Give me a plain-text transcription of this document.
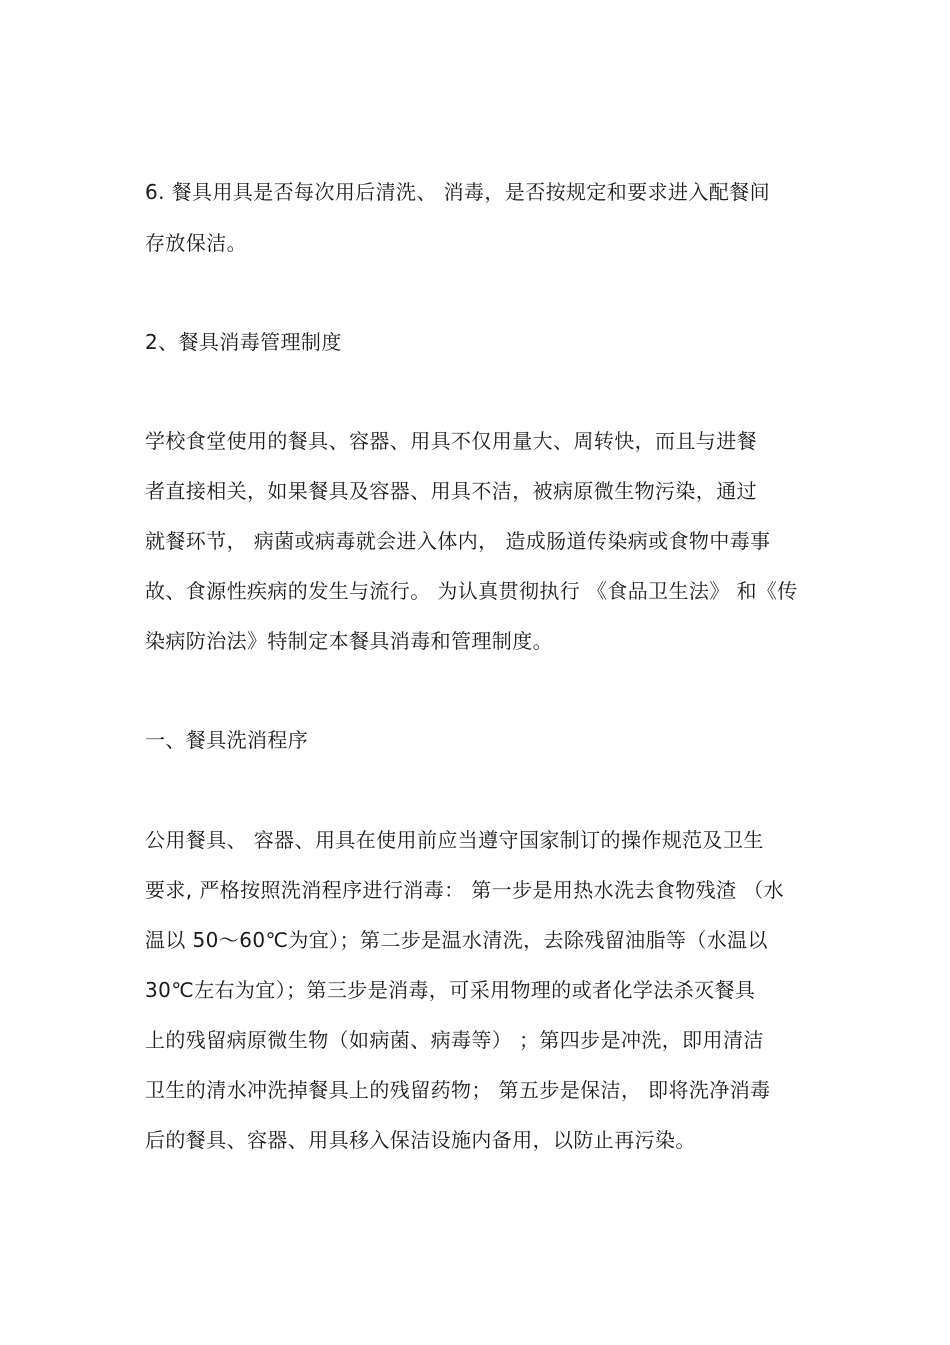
6. 餐具用具是否每次用后清洗、 消毒，是否按规定和要求进入配餐间
存放保洁。
2、餐具消毒管理制度
学校食堂使用的餐具、容器、用具不仅用量大、周转快，而且与进餐
者直接相关，如果餐具及容器、用具不洁，被病原微生物污染，通过
就餐环节， 病菌或病毒就会进入体内， 造成肠道传染病或食物中毒事
故、食源性疾病的发生与流行。 为认真贯彻执行 《食品卫生法》 和《传
染病防治法》特制定本餐具消毒和管理制度。
一、餐具洗消程序
公用餐具、 容器、用具在使用前应当遵守国家制订的操作规范及卫生
要求, 严格按照洗消程序进行消毒： 第一步是用热水洗去食物残渣 （水
温以 50～60℃为宜）；第二步是温水清洗，去除残留油脂等（水温以
30℃左右为宜）；第三步是消毒，可采用物理的或者化学法杀灭餐具
上的残留病原微生物（如病菌、病毒等） ；第四步是冲洗，即用清洁
卫生的清水冲洗掉餐具上的残留药物； 第五步是保洁， 即将洗净消毒
后的餐具、容器、用具移入保洁设施内备用，以防止再污染。
